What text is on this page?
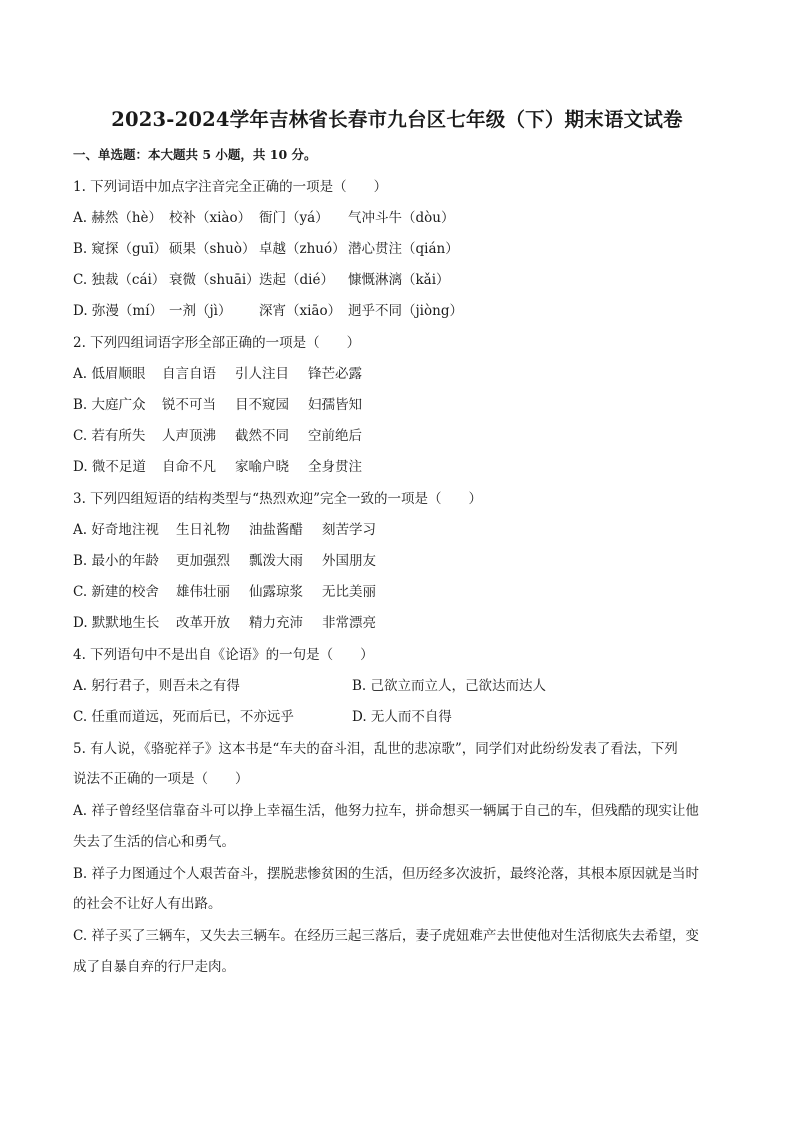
2023-2024学年吉林省长春市九台区七年级（下）期末语文试卷
一、单选题：本大题共 5 小题，共 10 分。
1. 下列词语中加点字注音完全正确的一项是（　　）
A. 赫然（hè） 校补（xiào） 衙门（yá） 气冲斗牛（dòu）
B. 窥探（guī） 硕果（shuò） 卓越（zhuó） 潜心贯注（qián）
C. 独裁（cái） 衰微（shuāi）迭起（dié） 慷慨淋漓（kǎi）
D. 弥漫（mí） 一剂（jì） 深宵（xiāo） 迥乎不同（jiòng）
2. 下列四组词语字形全部正确的一项是（　　）
A. 低眉顺眼 自言自语 引人注目 锋芒必露
B. 大庭广众 锐不可当 目不窥园 妇孺皆知
C. 若有所失 人声顶沸 截然不同 空前绝后
D. 微不足道 自命不凡 家喻户晓 全身贯注
3. 下列四组短语的结构类型与“热烈欢迎”完全一致的一项是（　　）
A. 好奇地注视 生日礼物 油盐酱醋 刻苦学习
B. 最小的年龄 更加强烈 瓢泼大雨 外国朋友
C. 新建的校舍 雄伟壮丽 仙露琼浆 无比美丽
D. 默默地生长 改革开放 精力充沛 非常漂亮
4. 下列语句中不是出自《论语》的一句是（　　）
A. 躬行君子，则吾未之有得	B. 己欲立而立人，己欲达而达人
C. 任重而道远，死而后已，不亦远乎	D. 无人而不自得
5. 有人说，《骆驼祥子》这本书是“车夫的奋斗泪，乱世的悲凉歌”，同学们对此纷纷发表了看法，下列
说法不正确的一项是（　　）
A. 祥子曾经坚信靠奋斗可以挣上幸福生活，他努力拉车，拼命想买一辆属于自己的车，但残酷的现实让他
失去了生活的信心和勇气。
B. 祥子力图通过个人艰苦奋斗，摆脱悲惨贫困的生活，但历经多次波折，最终沦落，其根本原因就是当时
的社会不让好人有出路。
C. 祥子买了三辆车，又失去三辆车。在经历三起三落后，妻子虎妞难产去世使他对生活彻底失去希望，变
成了自暴自弃的行尸走肉。
